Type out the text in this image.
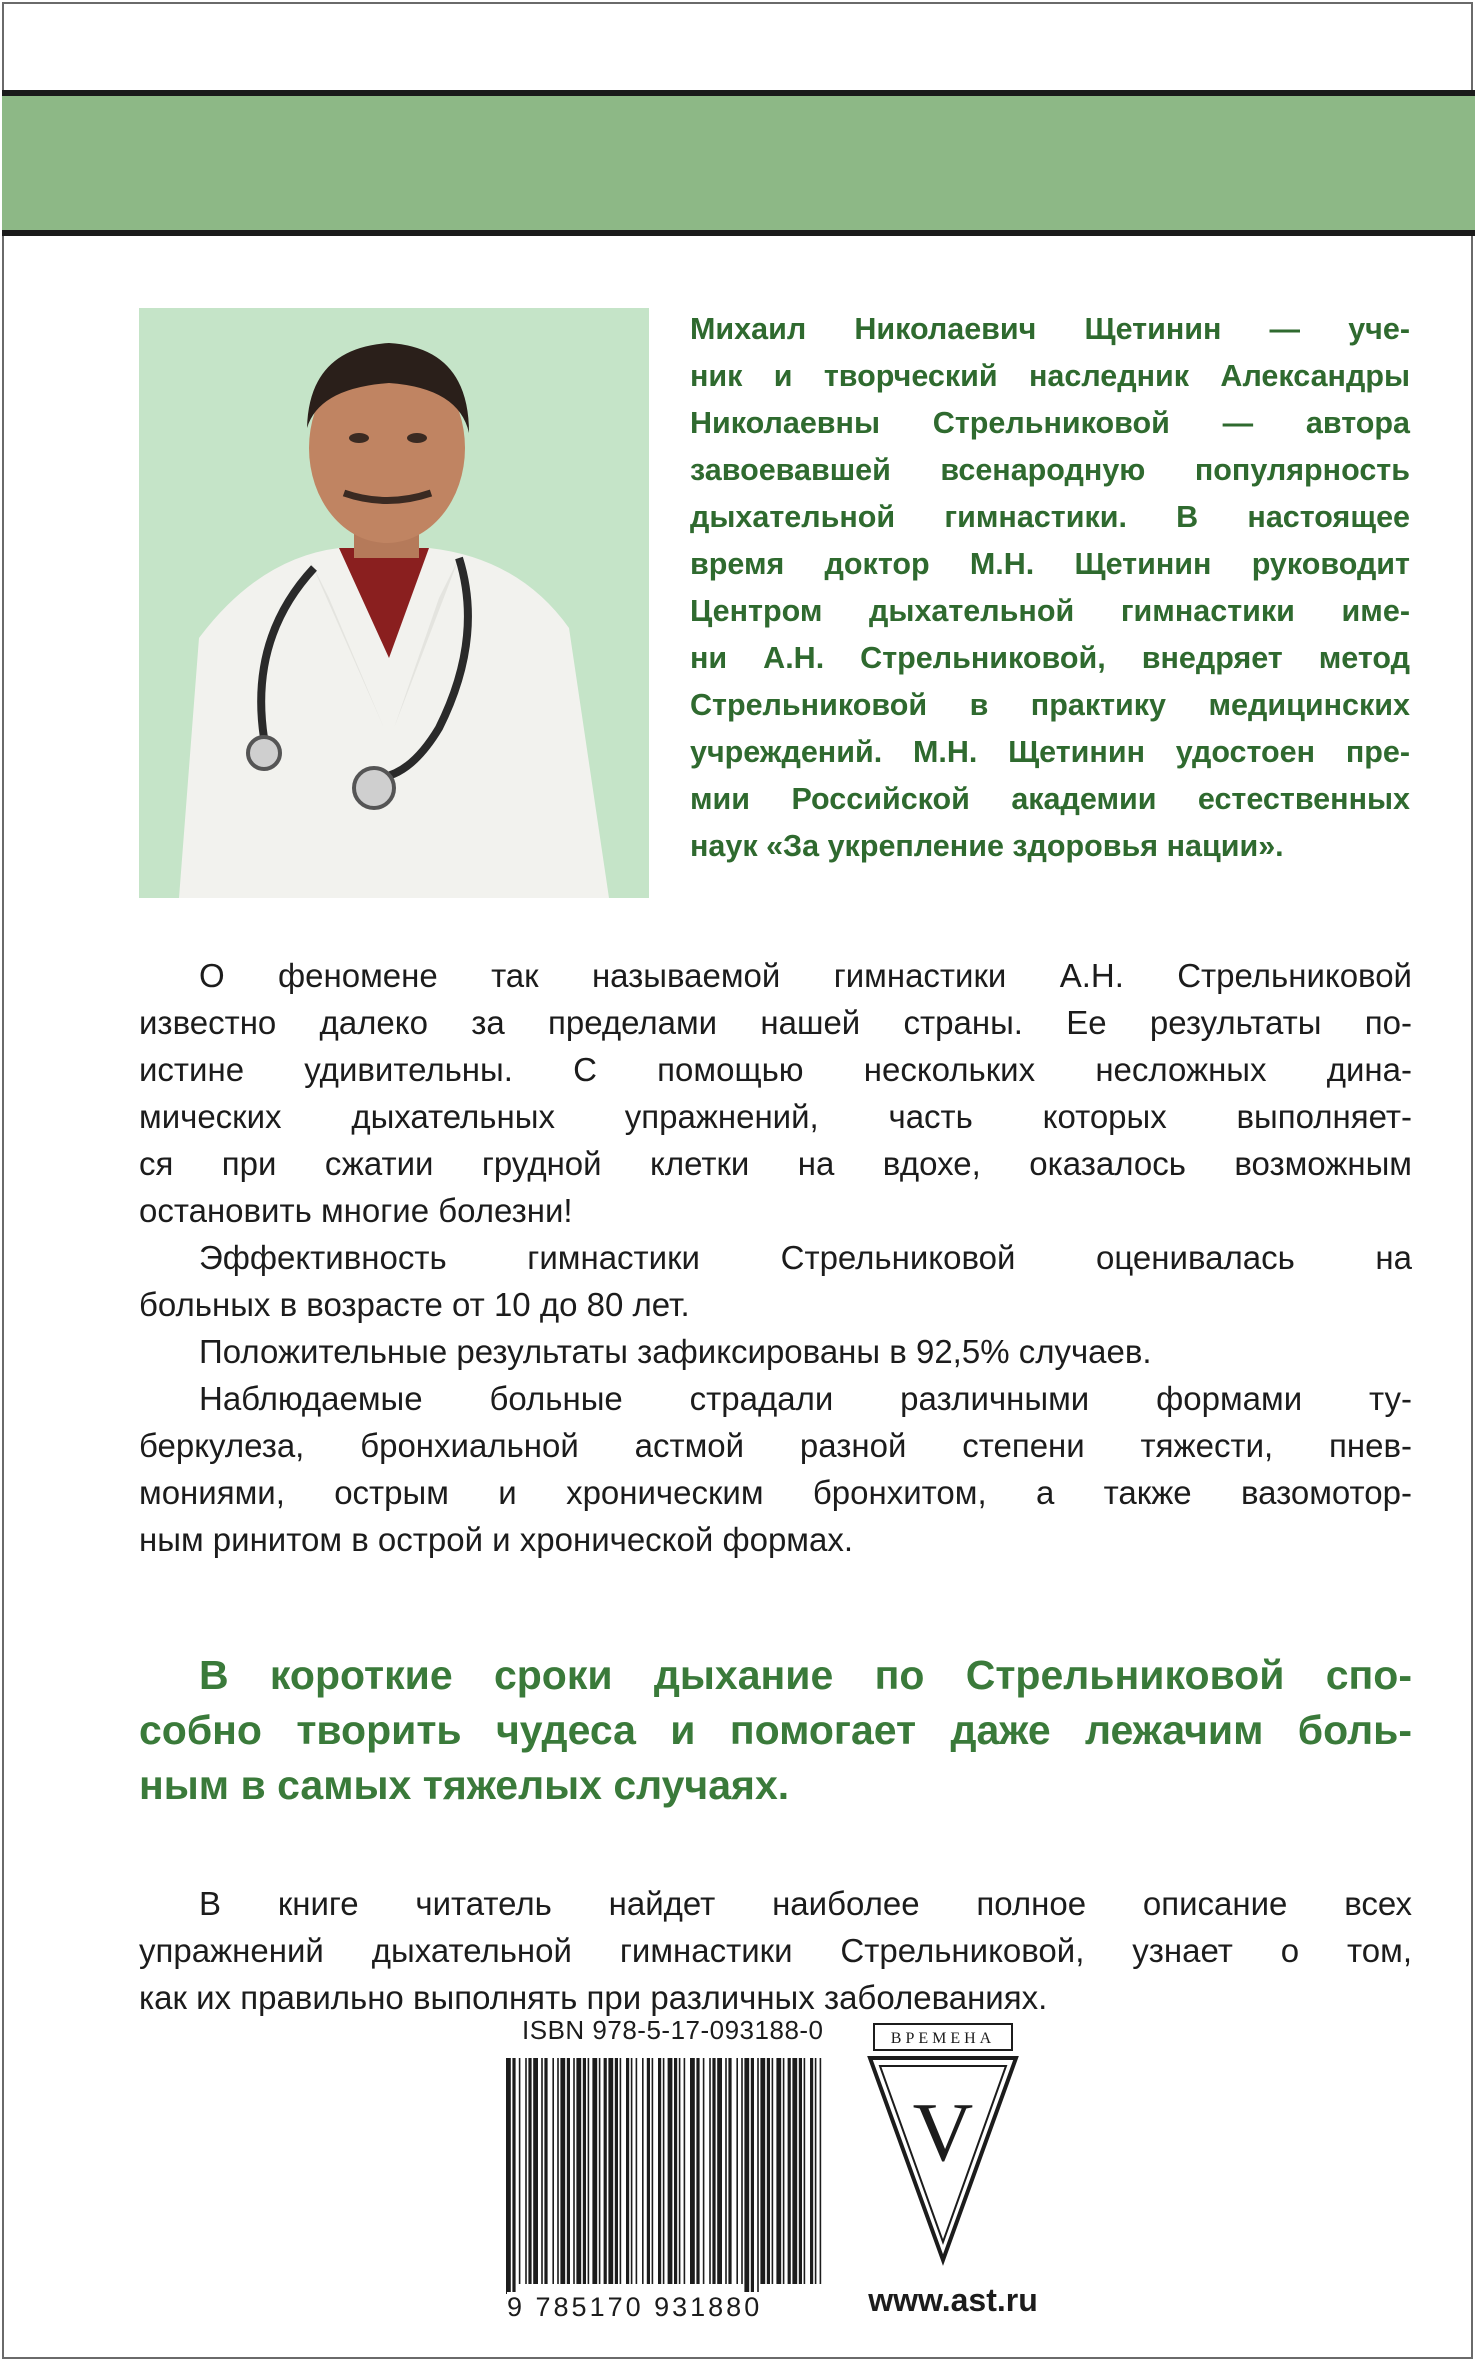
Михаил Николаевич Щетинин — уче-
ник и творческий наследник Александры
Николаевны Стрельниковой — автора
завоевавшей всенародную популярность
дыхательной гимнастики. В настоящее
время доктор М.Н. Щетинин руководит
Центром дыхательной гимнастики име-
ни А.Н. Стрельниковой, внедряет метод
Стрельниковой в практику медицинских
учреждений. М.Н. Щетинин удостоен пре-
мии Российской академии естественных
наук «За укрепление здоровья нации».
О феномене так называемой гимнастики А.Н. Стрельниковой
известно далеко за пределами нашей страны. Ее результаты по-
истине удивительны. С помощью нескольких несложных дина-
мических дыхательных упражнений, часть которых выполняет-
ся при сжатии грудной клетки на вдохе, оказалось возможным
остановить многие болезни!
Эффективность гимнастики Стрельниковой оценивалась на
больных в возрасте от 10 до 80 лет.
Положительные результаты зафиксированы в 92,5% случаев.
Наблюдаемые больные страдали различными формами ту-
беркулеза, бронхиальной астмой разной степени тяжести, пнев-
мониями, острым и хроническим бронхитом, а также вазомотор-
ным ринитом в острой и хронической формах.
В короткие сроки дыхание по Стрельниковой спо-
собно творить чудеса и помогает даже лежачим боль-
ным в самых тяжелых случаях.
В книге читатель найдет наиболее полное описание всех
упражнений дыхательной гимнастики Стрельниковой, узнает о том,
как их правильно выполнять при различных заболеваниях.
ISBN 978-5-17-093188-0
9 785170 931880
ВРЕМЕНА
V
www.ast.ru
